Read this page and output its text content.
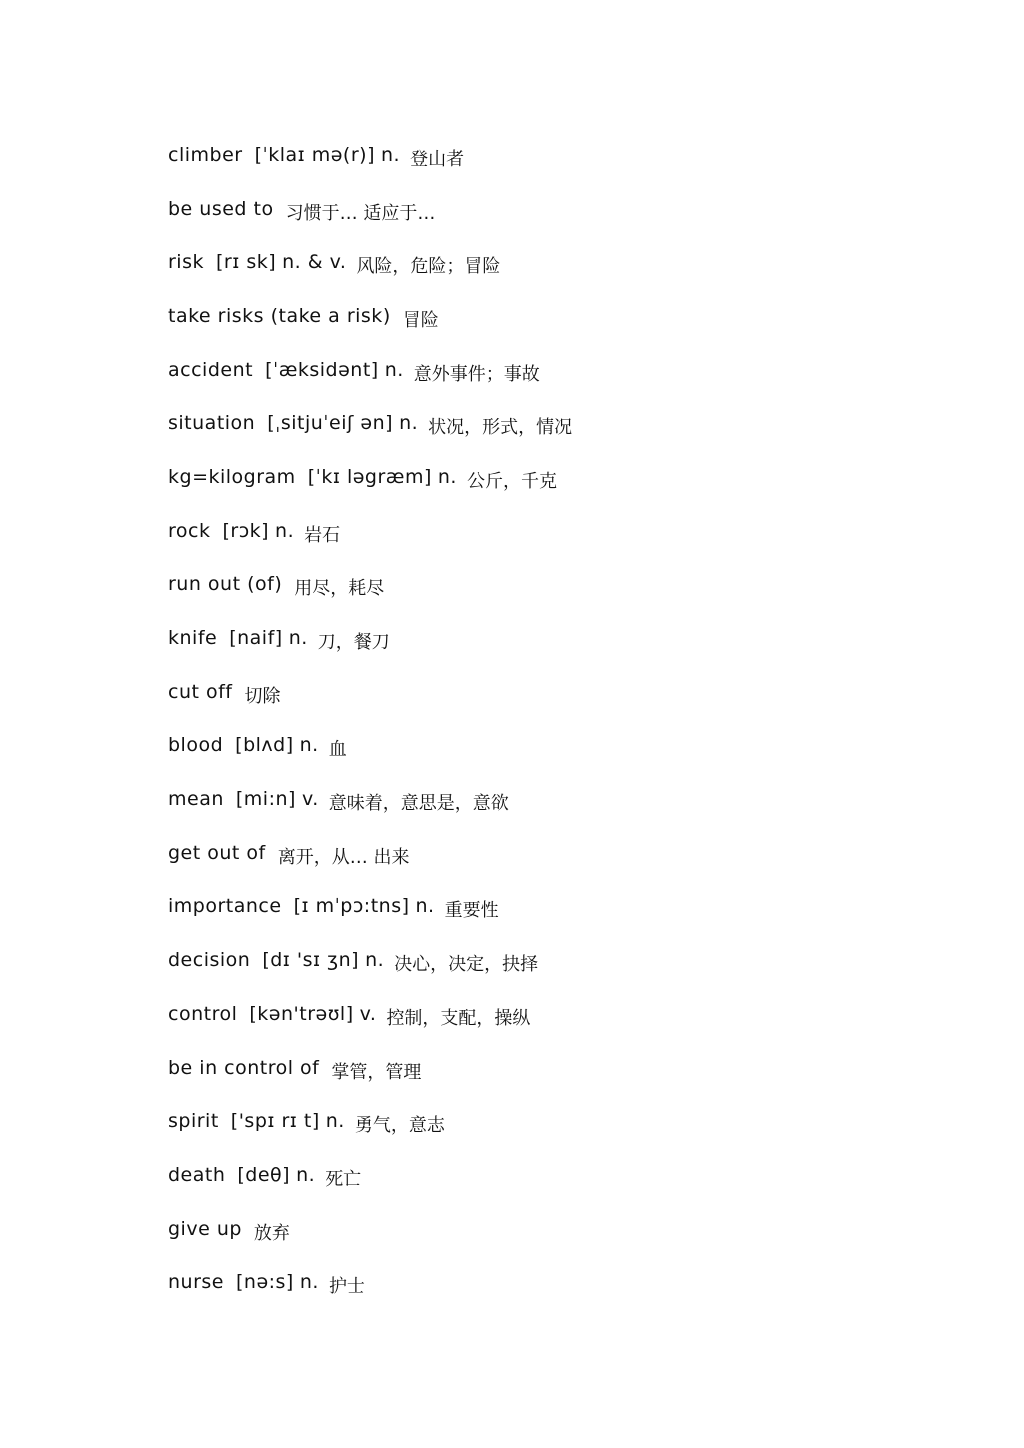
climber [ˈklaɪ mə(r)] n. 登山者
be used to 习惯于… 适应于…
risk [rɪ sk] n. & v. 风险，危险；冒险
take risks (take a risk) 冒险
accident [ˈæksidənt] n. 意外事件；事故
situation [ˌsitjuˈeiʃ ən] n. 状况，形式，情况
kg=kilogram [ˈkɪ ləgræm] n. 公斤，千克
rock [rɔk] n. 岩石
run out (of) 用尽，耗尽
knife [naif] n. 刀，餐刀
cut off 切除
blood [blʌd] n. 血
mean [mi:n] v. 意味着，意思是，意欲
get out of 离开，从… 出来
importance [ɪ mˈpɔ:tns] n. 重要性
decision [dɪ 'sɪ ʒn] n. 决心，决定，抉择
control [kən'trəʊl] v. 控制，支配，操纵
be in control of 掌管，管理
spirit ['spɪ rɪ t] n. 勇气，意志
death [deθ] n. 死亡
give up 放弃
nurse [nə:s] n. 护士
